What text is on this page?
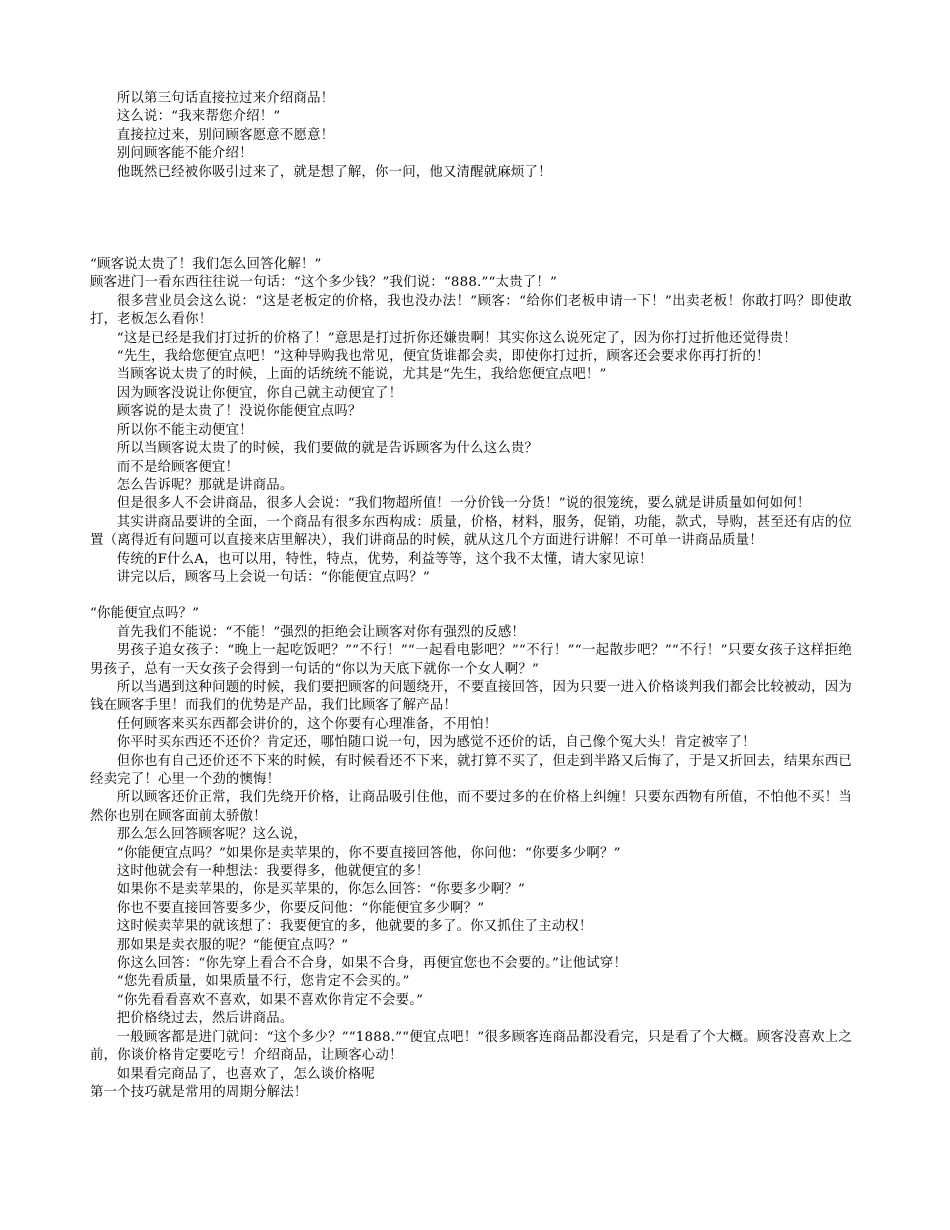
所以第三句话直接拉过来介绍商品！

这么说：“我来帮您介绍！”

直接拉过来，别问顾客愿意不愿意！

别问顾客能不能介绍！

他既然已经被你吸引过来了，就是想了解，你一问，他又清醒就麻烦了！

“顾客说太贵了！我们怎么回答化解！”

顾客进门一看东西往往说一句话：“这个多少钱？”我们说：“888.”“太贵了！”

很多营业员会这么说：“这是老板定的价格，我也没办法！”顾客：“给你们老板申请一下！”出卖老板！你敢打吗？即使敢打，老板怎么看你！

“这是已经是我们打过折的价格了！”意思是打过折你还嫌贵啊！其实你这么说死定了，因为你打过折他还觉得贵！

“先生，我给您便宜点吧！”这种导购我也常见，便宜货谁都会卖，即使你打过折，顾客还会要求你再打折的！

当顾客说太贵了的时候，上面的话统统不能说，尤其是“先生，我给您便宜点吧！”

因为顾客没说让你便宜，你自己就主动便宜了！

顾客说的是太贵了！没说你能便宜点吗？

所以你不能主动便宜！

所以当顾客说太贵了的时候，我们要做的就是告诉顾客为什么这么贵？

而不是给顾客便宜！

怎么告诉呢？那就是讲商品。

但是很多人不会讲商品，很多人会说：“我们物超所值！一分价钱一分货！”说的很笼统，要么就是讲质量如何如何！

其实讲商品要讲的全面，一个商品有很多东西构成：质量，价格，材料，服务，促销，功能，款式，导购，甚至还有店的位置（离得近有问题可以直接来店里解决），我们讲商品的时候，就从这几个方面进行讲解！不可单一讲商品质量！

传统的F什么A，也可以用，特性，特点，优势，利益等等，这个我不太懂，请大家见谅！

讲完以后，顾客马上会说一句话：“你能便宜点吗？”

“你能便宜点吗？”

首先我们不能说：“不能！”强烈的拒绝会让顾客对你有强烈的反感！

男孩子追女孩子：“晚上一起吃饭吧？”“不行！”“一起看电影吧？”“不行！”“一起散步吧？”“不行！”只要女孩子这样拒绝男孩子，总有一天女孩子会得到一句话的“你以为天底下就你一个女人啊？”

所以当遇到这种问题的时候，我们要把顾客的问题绕开，不要直接回答，因为只要一进入价格谈判我们都会比较被动，因为钱在顾客手里！而我们的优势是产品，我们比顾客了解产品！

任何顾客来买东西都会讲价的，这个你要有心理准备，不用怕！

你平时买东西还不还价？肯定还，哪怕随口说一句，因为感觉不还价的话，自己像个冤大头！肯定被宰了！

但你也有自己还价还不下来的时候，有时候看还不下来，就打算不买了，但走到半路又后悔了，于是又折回去，结果东西已经卖完了！心里一个劲的懊悔！

所以顾客还价正常，我们先绕开价格，让商品吸引住他，而不要过多的在价格上纠缠！只要东西物有所值，不怕他不买！当然你也别在顾客面前太骄傲！

那么怎么回答顾客呢？这么说，

“你能便宜点吗？”如果你是卖苹果的，你不要直接回答他，你问他：“你要多少啊？”

这时他就会有一种想法：我要得多，他就便宜的多！

如果你不是卖苹果的，你是买苹果的，你怎么回答：“你要多少啊？”

你也不要直接回答要多少，你要反问他：“你能便宜多少啊？”

这时候卖苹果的就该想了：我要便宜的多，他就要的多了。你又抓住了主动权！

那如果是卖衣服的呢？“能便宜点吗？”

你这么回答：“你先穿上看合不合身，如果不合身，再便宜您也不会要的。”让他试穿！

“您先看质量，如果质量不行，您肯定不会买的。”

“你先看看喜欢不喜欢，如果不喜欢你肯定不会要。”

把价格绕过去，然后讲商品。

一般顾客都是进门就问：“这个多少？”“1888.”“便宜点吧！”很多顾客连商品都没看完，只是看了个大概。顾客没喜欢上之前，你谈价格肯定要吃亏！介绍商品，让顾客心动！

如果看完商品了，也喜欢了，怎么谈价格呢

第一个技巧就是常用的周期分解法！
